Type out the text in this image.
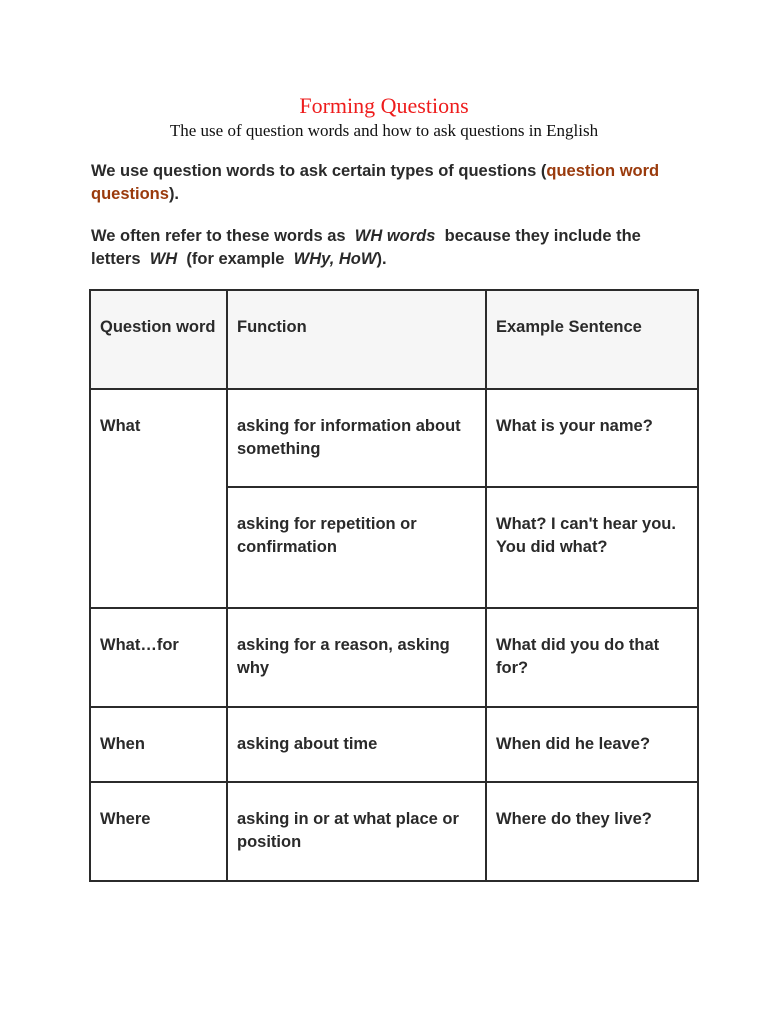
Forming Questions
The use of question words and how to ask questions in English
We use question words to ask certain types of questions (question word questions).
We often refer to these words as WH words because they include the letters WH (for example WHy, HoW).
Question word	Function	Example Sentence
What	asking for information about something	What is your name?

	asking for repetition or confirmation	What? I can't hear you.
You did what?

What…for	asking for a reason, asking why	What did you do that for?

When	asking about time	When did he leave?

Where	asking in or at what place or position	Where do they live?
